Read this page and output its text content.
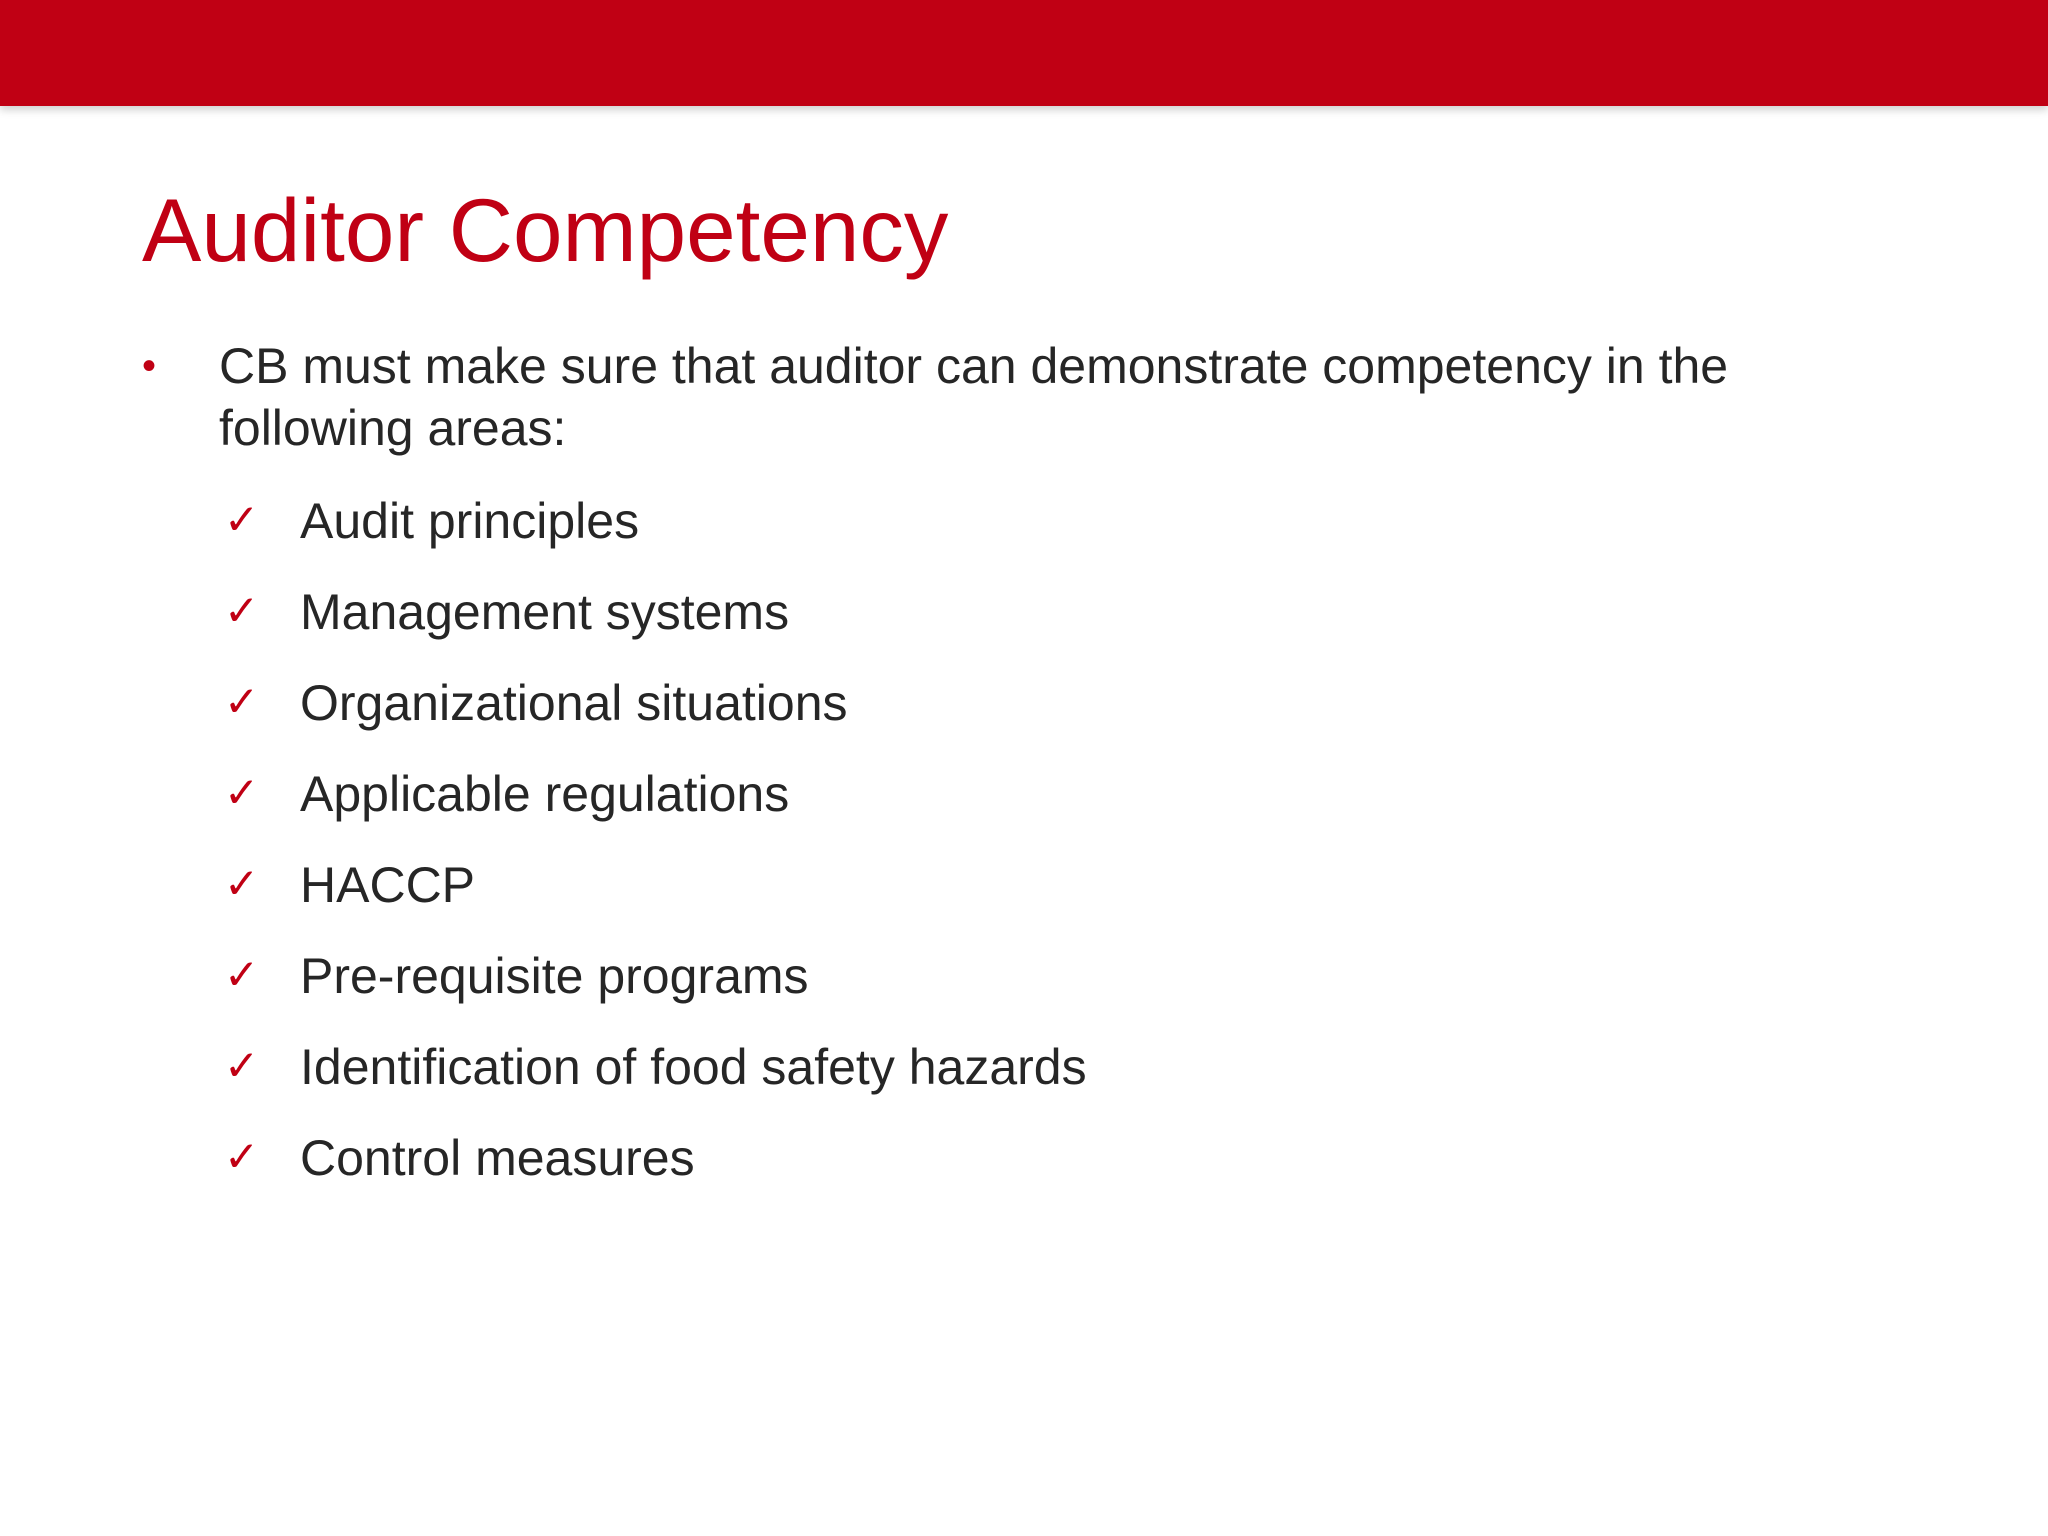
Auditor Competency
• CB must make sure that auditor can demonstrate competency in the following areas:
✓ Audit principles
✓ Management systems
✓ Organizational situations
✓ Applicable regulations
✓ HACCP
✓ Pre-requisite programs
✓ Identification of food safety hazards
✓ Control measures
